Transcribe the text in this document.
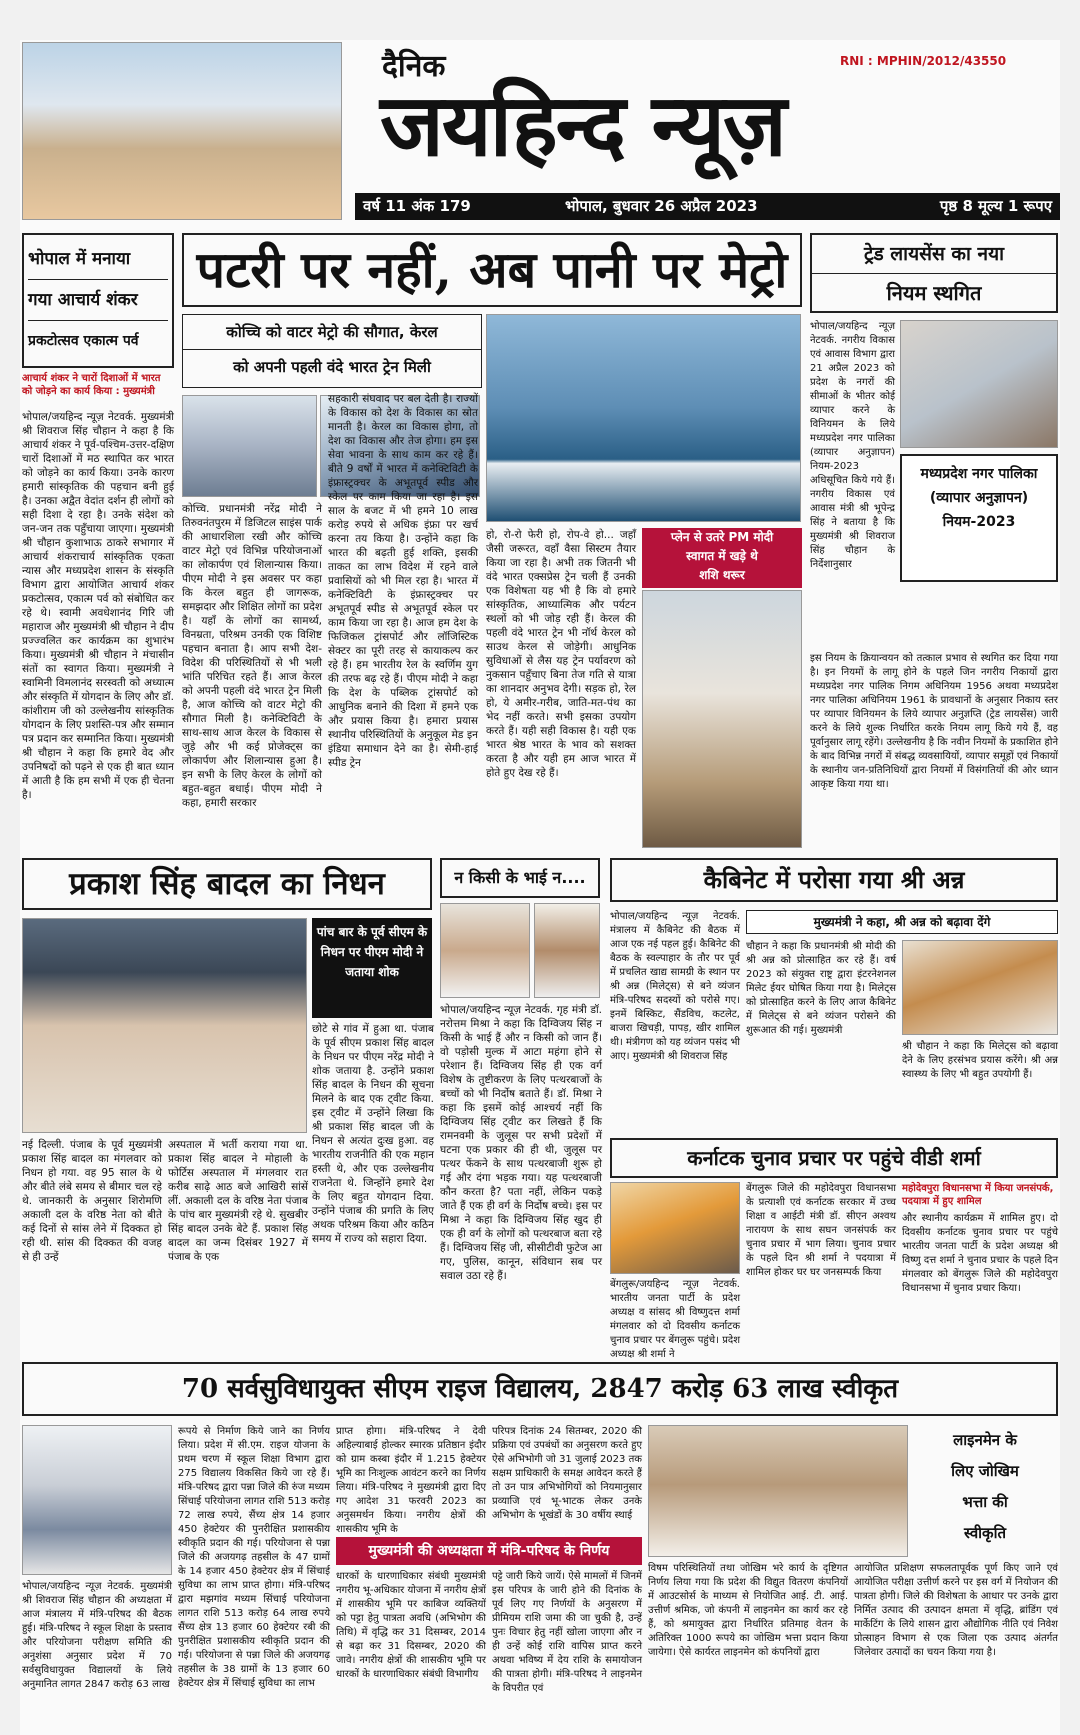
दैनिक	RNI : MPHIN/2012/43550
जयहिन्द न्यूज़
वर्ष 11 अंक 179	भोपाल, बुधवार 26 अप्रैल 2023	पृष्ठ 8 मूल्य 1 रूपए
भोपाल में मनाया
गया आचार्य शंकर
प्रकटोत्सव एकात्म पर्व
आचार्य शंकर ने चारों दिशाओं में भारत को जोड़ने का कार्य किया : मुख्यमंत्री
भोपाल/जयहिन्द न्यूज़ नेटवर्क. मुख्यमंत्री श्री शिवराज सिंह चौहान ने कहा है कि आचार्य शंकर ने पूर्व-पश्चिम-उत्तर-दक्षिण चारों दिशाओं में मठ स्थापित कर भारत को जोड़ने का कार्य किया। उनके कारण हमारी सांस्कृतिक की पहचान बनी हुई है। उनका अद्वैत वेदांत दर्शन ही लोगों को सही दिशा दे रहा है। उनके संदेश को जन-जन तक पहुँचाया जाएगा। मुख्यमंत्री श्री चौहान कुशाभाऊ ठाकरे सभागार में आचार्य शंकराचार्य सांस्कृतिक एकता न्यास और मध्यप्रदेश शासन के संस्कृति विभाग द्वारा आयोजित आचार्य शंकर प्रकटोत्सव, एकात्म पर्व को संबोधित कर रहे थे। स्वामी अवधेशानंद गिरि जी महाराज और मुख्यमंत्री श्री चौहान ने दीप प्रज्ज्वलित कर कार्यक्रम का शुभारंभ किया। मुख्यमंत्री श्री चौहान ने मंचासीन संतों का स्वागत किया। मुख्यमंत्री ने स्वामिनी विमलानंद सरस्वती को अध्यात्म और संस्कृति में योगदान के लिए और डॉ. कांशीराम जी को उल्लेखनीय सांस्कृतिक योगदान के लिए प्रशस्ति-पत्र और सम्मान पत्र प्रदान कर सम्मानित किया। मुख्यमंत्री श्री चौहान ने कहा कि हमारे वेद और उपनिषदों को पढ़ने से एक ही बात ध्यान में आती है कि हम सभी में एक ही चेतना है।
पटरी पर नहीं, अब पानी पर मेट्रो
कोच्चि को वाटर मेट्रो की सौगात, केरल
को अपनी पहली वंदे भारत ट्रेन मिली
कोच्चि. प्रधानमंत्री नरेंद्र मोदी ने तिरुवनंतपुरम में डिजिटल साइंस पार्क की आधारशिला रखी और कोच्चि वाटर मेट्रो एवं विभिन्न परियोजनाओं का लोकार्पण एवं शिलान्यास किया। पीएम मोदी ने इस अवसर पर कहा कि केरल बहुत ही जागरूक, समझदार और शिक्षित लोगों का प्रदेश है। यहाँ के लोगों का सामर्थ्य, विनम्रता, परिश्रम उनकी एक विशिष्ट पहचान बनाता है। आप सभी देश-विदेश की परिस्थितियों से भी भली भांति परिचित रहते हैं। आज केरल को अपनी पहली वंदे भारत ट्रेन मिली है, आज कोच्चि को वाटर मेट्रो की सौगात मिली है। कनेक्टिविटी के साथ-साथ आज केरल के विकास से जुड़े और भी कई प्रोजेक्ट्स का लोकार्पण और शिलान्यास हुआ है। इन सभी के लिए केरल के लोगों को बहुत-बहुत बधाई। पीएम मोदी ने कहा, हमारी सरकार
सहकारी संघवाद पर बल देती है। राज्यों के विकास को देश के विकास का स्रोत मानती है। केरल का विकास होगा, तो देश का विकास और तेज होगा। हम इस सेवा भावना के साथ काम कर रहे हैं। बीते 9 वर्षों में भारत में कनेक्टिविटी के इंफ्रास्ट्रक्चर के अभूतपूर्व स्पीड और स्केल पर काम किया जा रहा है। इस साल के बजट में भी हमने 10 लाख करोड़ रुपये से अधिक इंफ्रा पर खर्च करना तय किया है। उन्होंने कहा कि भारत की बढ़ती हुई शक्ति, इसकी ताकत का लाभ विदेश में रहने वाले प्रवासियों को भी मिल रहा है। भारत में कनेक्टिविटी के इंफ्रास्ट्रक्चर पर अभूतपूर्व स्पीड से अभूतपूर्व स्केल पर काम किया जा रहा है। आज हम देश के फिजिकल ट्रांसपोर्ट और लॉजिस्टिक सेक्टर का पूरी तरह से कायाकल्प कर रहे हैं। हम भारतीय रेल के स्वर्णिम युग की तरफ बढ़ रहे हैं। पीएम मोदी ने कहा कि देश के पब्लिक ट्रांसपोर्ट को आधुनिक बनाने की दिशा में हमने एक और प्रयास किया है। हमारा प्रयास स्थानीय परिस्थितियों के अनुकूल मेड इन इंडिया समाधान देने का है। सेमी-हाई स्पीड ट्रेन
हो, रो-रो फेरी हो, रोप-वे हो... जहाँ जैसी जरूरत, वहाँ वैसा सिस्टम तैयार किया जा रहा है। अभी तक जितनी भी वंदे भारत एक्सप्रेस ट्रेन चली हैं उनकी एक विशेषता यह भी है कि वो हमारे सांस्कृतिक, आध्यात्मिक और पर्यटन स्थलों को भी जोड़ रही हैं। केरल की पहली वंदे भारत ट्रेन भी नॉर्थ केरल को साउथ केरल से जोड़ेगी। आधुनिक सुविधाओं से लैस यह ट्रेन पर्यावरण को नुकसान पहुँचाए बिना तेज गति से यात्रा का शानदार अनुभव देगी। सड़क हो, रेल हो, ये अमीर-गरीब, जाति-मत-पंथ का भेद नहीं करते। सभी इसका उपयोग करते हैं। यही सही विकास है। यही एक भारत श्रेष्ठ भारत के भाव को सशक्त करता है और यही हम आज भारत में होते हुए देख रहे हैं।
प्लेन से उतरे PM मोदी
स्वागत में खड़े थे
शशि थरूर
ट्रेड लायसेंस का नया
नियम स्थगित
भोपाल/जयहिन्द न्यूज़ नेटवर्क. नगरीय विकास एवं आवास विभाग द्वारा 21 अप्रैल 2023 को प्रदेश के नगरों की सीमाओं के भीतर कोई व्यापार करने के विनियमन के लिये मध्यप्रदेश नगर पालिका (व्यापार अनुज्ञापन) नियम-2023 अधिसूचित किये गये हैं। नगरीय विकास एवं आवास मंत्री श्री भूपेन्द्र सिंह ने बताया है कि मुख्यमंत्री श्री शिवराज सिंह चौहान के निर्देशानुसार
मध्यप्रदेश नगर पालिका (व्यापार अनुज्ञापन) नियम-2023
इस नियम के क्रियान्वयन को तत्काल प्रभाव से स्थगित कर दिया गया है। इन नियमों के लागू होने के पहले जिन नगरीय निकायों द्वारा मध्यप्रदेश नगर पालिक निगम अधिनियम 1956 अथवा मध्यप्रदेश नगर पालिका अधिनियम 1961 के प्रावधानों के अनुसार निकाय स्तर पर व्यापार विनियमन के लिये व्यापार अनुज्ञप्ति (ट्रेड लायसेंस) जारी करने के लिये शुल्क निर्धारित करके नियम लागू किये गये हैं, वह पूर्वानुसार लागू रहेंगे। उल्लेखनीय है कि नवीन नियमों के प्रकाशित होने के बाद विभिन्न नगरों में संबद्ध व्यवसायियों, व्यापार समूहों एवं निकायों के स्थानीय जन-प्रतिनिधियों द्वारा नियमों में विसंगतियों की ओर ध्यान आकृष्ट किया गया था।
प्रकाश सिंह बादल का निधन
पांच बार के पूर्व सीएम के निधन पर पीएम मोदी ने जताया शोक
नई दिल्ली. पंजाब के पूर्व मुख्यमंत्री प्रकाश सिंह बादल का मंगलवार को निधन हो गया. वह 95 साल के थे और बीते लंबे समय से बीमार चल रहे थे. जानकारी के अनुसार शिरोमणि अकाली दल के वरिष्ठ नेता को बीते कई दिनों से सांस लेने में दिक्कत हो रही थी. सांस की दिक्कत की वजह से ही उन्हें
अस्पताल में भर्ती कराया गया था. प्रकाश सिंह बादल ने मोहाली के फोर्टिस अस्पताल में मंगलवार रात करीब साढ़े आठ बजे आखिरी सांसें लीं. अकाली दल के वरिष्ठ नेता पंजाब के पांच बार मुख्यमंत्री रहे थे. सुखबीर सिंह बादल उनके बेटे हैं. प्रकाश सिंह बादल का जन्म दिसंबर 1927 में पंजाब के एक
छोटे से गांव में हुआ था. पंजाब के पूर्व सीएम प्रकाश सिंह बादल के निधन पर पीएम नरेंद्र मोदी ने शोक जताया है. उन्होंने प्रकाश सिंह बादल के निधन की सूचना मिलने के बाद एक ट्वीट किया. इस ट्वीट में उन्होंने लिखा कि श्री प्रकाश सिंह बादल जी के निधन से अत्यंत दुःख हुआ. वह भारतीय राजनीति की एक महान हस्ती थे, और एक उल्लेखनीय राजनेता थे. जिन्होंने हमारे देश के लिए बहुत योगदान दिया. उन्होंने पंजाब की प्रगति के लिए अथक परिश्रम किया और कठिन समय में राज्य को सहारा दिया.
न किसी के भाई न....
भोपाल/जयहिन्द न्यूज़ नेटवर्क. गृह मंत्री डॉ. नरोत्तम मिश्रा ने कहा कि दिग्विजय सिंह न किसी के भाई हैं और न किसी को जान हैं। वो पड़ोसी मुल्क में आटा महंगा होने से परेशान हैं। दिग्विजय सिंह ही एक वर्ग विशेष के तुष्टीकरण के लिए पत्थरबाजों के बच्चों को भी निर्दोष बताते हैं। डॉ. मिश्रा ने कहा कि इसमें कोई आश्चर्य नहीं कि दिग्विजय सिंह ट्वीट कर लिखते हैं कि रामनवमी के जुलूस पर सभी प्रदेशों में घटना एक प्रकार की ही थी, जुलूस पर पत्थर फेंकने के साथ पत्थरबाजी शुरू हो गई और दंगा भड़क गया। यह पत्थरबाजी कौन करता है? पता नहीं, लेकिन पकड़े जाते हैं एक ही वर्ग के निर्दोष बच्चे। इस पर मिश्रा ने कहा कि दिग्विजय सिंह खुद ही एक ही वर्ग के लोगों को पत्थरबाज बता रहे हैं। दिग्विजय सिंह जी, सीसीटीवी फुटेज आ गए, पुलिस, कानून, संविधान सब पर सवाल उठा रहे हैं।
कैबिनेट में परोसा गया श्री अन्न
भोपाल/जयहिन्द न्यूज़ नेटवर्क. मंत्रालय में कैबिनेट की बैठक में आज एक नई पहल हुई। कैबिनेट की बैठक के स्वल्पाहार के तौर पर पूर्व में प्रचलित खाद्य सामग्री के स्थान पर श्री अन्न (मिलेट्स) से बने व्यंजन मंत्रि-परिषद सदस्यों को परोसे गए। इनमें बिस्किट, सैंडविच, कटलेट, बाजरा खिचड़ी, पापड़, खीर शामिल थी। मंत्रीगण को यह व्यंजन पसंद भी आए। मुख्यमंत्री श्री शिवराज सिंह
मुख्यमंत्री ने कहा, श्री अन्न को बढ़ावा देंगे
चौहान ने कहा कि प्रधानमंत्री श्री मोदी की श्री अन्न को प्रोत्साहित कर रहे हैं। वर्ष 2023 को संयुक्त राष्ट्र द्वारा इंटरनेशनल मिलेट ईयर घोषित किया गया है। मिलेट्स को प्रोत्साहित करने के लिए आज कैबिनेट में मिलेट्स से बने व्यंजन परोसने की शुरूआत की गई। मुख्यमंत्री
श्री चौहान ने कहा कि मिलेट्स को बढ़ावा देने के लिए हरसंभव प्रयास करेंगे। श्री अन्न स्वास्थ्य के लिए भी बहुत उपयोगी हैं।
कर्नाटक चुनाव प्रचार पर पहुंचे वीडी शर्मा
बेंगलुरू/जयहिन्द न्यूज़ नेटवर्क. भारतीय जनता पार्टी के प्रदेश अध्यक्ष व सांसद श्री विष्णुदत्त शर्मा मंगलवार को दो दिवसीय कर्नाटक चुनाव प्रचार पर बेंगलुरू पहुंचे। प्रदेश अध्यक्ष श्री शर्मा ने
बेंगलुरू जिले की महोदेवपुरा विधानसभा के प्रत्याशी एवं कर्नाटक सरकार में उच्च शिक्षा व आईटी मंत्री डॉ. सीएन अश्वथ नारायण के साथ सघन जनसंपर्क कर चुनाव प्रचार में भाग लिया। चुनाव प्रचार के पहले दिन श्री शर्मा ने पदयात्रा में शामिल होकर घर घर जनसम्पर्क किया
महोदेवपुरा विधानसभा में किया जनसंपर्क, पदयात्रा में हुए शामिल
और स्थानीय कार्यक्रम में शामिल हुए। दो दिवसीय कर्नाटक चुनाव प्रचार पर पहुंचे भारतीय जनता पार्टी के प्रदेश अध्यक्ष श्री विष्णु दत्त शर्मा ने चुनाव प्रचार के पहले दिन मंगलवार को बेंगलुरू जिले की महोदेवपुरा विधानसभा में चुनाव प्रचार किया।
70 सर्वसुविधायुक्त सीएम राइज विद्यालय, 2847 करोड़ 63 लाख स्वीकृत
भोपाल/जयहिन्द न्यूज़ नेटवर्क. मुख्यमंत्री श्री शिवराज सिंह चौहान की अध्यक्षता में आज मंत्रालय में मंत्रि-परिषद की बैठक हुई। मंत्रि-परिषद ने स्कूल शिक्षा के प्रस्ताव और परियोजना परीक्षण समिति की अनुशंसा अनुसार प्रदेश में 70 सर्वसुविधायुक्त विद्यालयों के लिये अनुमानित लागत 2847 करोड़ 63 लाख
रूपये से निर्माण किये जाने का निर्णय लिया। प्रदेश में सी.एम. राइज योजना के प्रथम चरण में स्कूल शिक्षा विभाग द्वारा 275 विद्यालय विकसित किये जा रहे हैं। मंत्रि-परिषद द्वारा पन्ना जिले की रुंज मध्यम सिंचाई परियोजना लागत राशि 513 करोड़ 72 लाख रुपये, सैंच्य क्षेत्र 14 हजार 450 हेक्टेयर की पुनरीक्षित प्रशासकीय स्वीकृति प्रदान की गई। परियोजना से पन्ना जिले की अजयगढ़ तहसील के 47 ग्रामों के 14 हजार 450 हेक्टेयर क्षेत्र में सिंचाई सुविधा का लाभ प्राप्त होगा। मंत्रि-परिषद द्वारा मझगांव मध्यम सिंचाई परियोजना लागत राशि 513 करोड़ 64 लाख रुपये सैंच्य क्षेत्र 13 हजार 60 हेक्टेयर रबी की पुनरीक्षित प्रशासकीय स्वीकृति प्रदान की गई। परियोजना से पन्ना जिले की अजयगढ़ तहसील के 38 ग्रामों के 13 हजार 60 हेक्टेयर क्षेत्र में सिंचाई सुविधा का लाभ
प्राप्त होगा। मंत्रि-परिषद ने देवी अहिल्याबाई होल्कर स्मारक प्रतिष्ठान इंदौर को ग्राम कस्बा इंदौर में 1.215 हेक्टेयर भूमि का निःशुल्क आवंटन करने का निर्णय लिया। मंत्रि-परिषद ने मुख्यमंत्री द्वारा दिए गए आदेश 31 फरवरी 2023 का अनुसमर्थन किया। नगरीय क्षेत्रों की शासकीय भूमि के
परिपत्र दिनांक 24 सितम्बर, 2020 की प्रक्रिया एवं उपबंधों का अनुसरण करते हुए ऐसे अभिभोगी जो 31 जुलाई 2023 तक सक्षम प्राधिकारी के समक्ष आवेदन करते हैं तो उन पात्र अभिभोगियों को नियमानुसार प्रव्याजि एवं भू-भाटक लेकर उनके अभिभोग के भूखंडों के 30 वर्षीय स्थाई
मुख्यमंत्री की अध्यक्षता में मंत्रि-परिषद के निर्णय
धारकों के धारणाधिकार संबंधी मुख्यमंत्री नगरीय भू-अधिकार योजना में नगरीय क्षेत्रों में शासकीय भूमि पर काबिज व्यक्तियों को पट्टा हेतु पात्रता अवधि (अभिभोग की तिथि) में वृद्धि कर 31 दिसम्बर, 2014 से बढ़ा कर 31 दिसम्बर, 2020 की जावे। नगरीय क्षेत्रों की शासकीय भूमि पर धारकों के धारणाधिकार संबंधी विभागीय
पट्टे जारी किये जायें। ऐसे मामलों में जिनमें इस परिपत्र के जारी होने की दिनांक के पूर्व लिए गए निर्णयों के अनुसरण में प्रीमियम राशि जमा की जा चुकी है, उन्हें पुनः विचार हेतु नहीं खोला जाएगा और न ही उन्हें कोई राशि वापिस प्राप्त करने अथवा भविष्य में देय राशि के समायोजन की पात्रता होगी। मंत्रि-परिषद ने लाइनमेन के विपरीत एवं
लाइनमेन के
लिए जोखिम
भत्ता की
स्वीकृति
विषम परिस्थितियों तथा जोखिम भरे कार्य के दृष्टिगत निर्णय लिया गया कि प्रदेश की विद्युत वितरण कंपनियों में आउटसोर्स के माध्यम से नियोजित आई. टी. आई. उत्तीर्ण श्रमिक, जो कंपनी में लाइनमेन का कार्य कर रहे हैं, को श्रमायुक्त द्वारा निर्धारित प्रतिमाह वेतन के अतिरिक्त 1000 रूपये का जोखिम भत्ता प्रदान किया जायेगा। ऐसे कार्यरत लाइनमेन को कंपनियों द्वारा
आयोजित प्रशिक्षण सफलतापूर्वक पूर्ण किए जाने एवं आयोजित परीक्षा उत्तीर्ण करने पर इस वर्ग में नियोजन की पात्रता होगी। जिले की विशेषता के आधार पर उनके द्वारा निर्मित उत्पाद की उत्पादन क्षमता में वृद्धि, ब्रांडिंग एवं मार्केटिंग के लिये शासन द्वारा औद्योगिक नीति एवं निवेश प्रोत्साहन विभाग से एक जिला एक उत्पाद अंतर्गत जिलेवार उत्पादों का चयन किया गया है।
